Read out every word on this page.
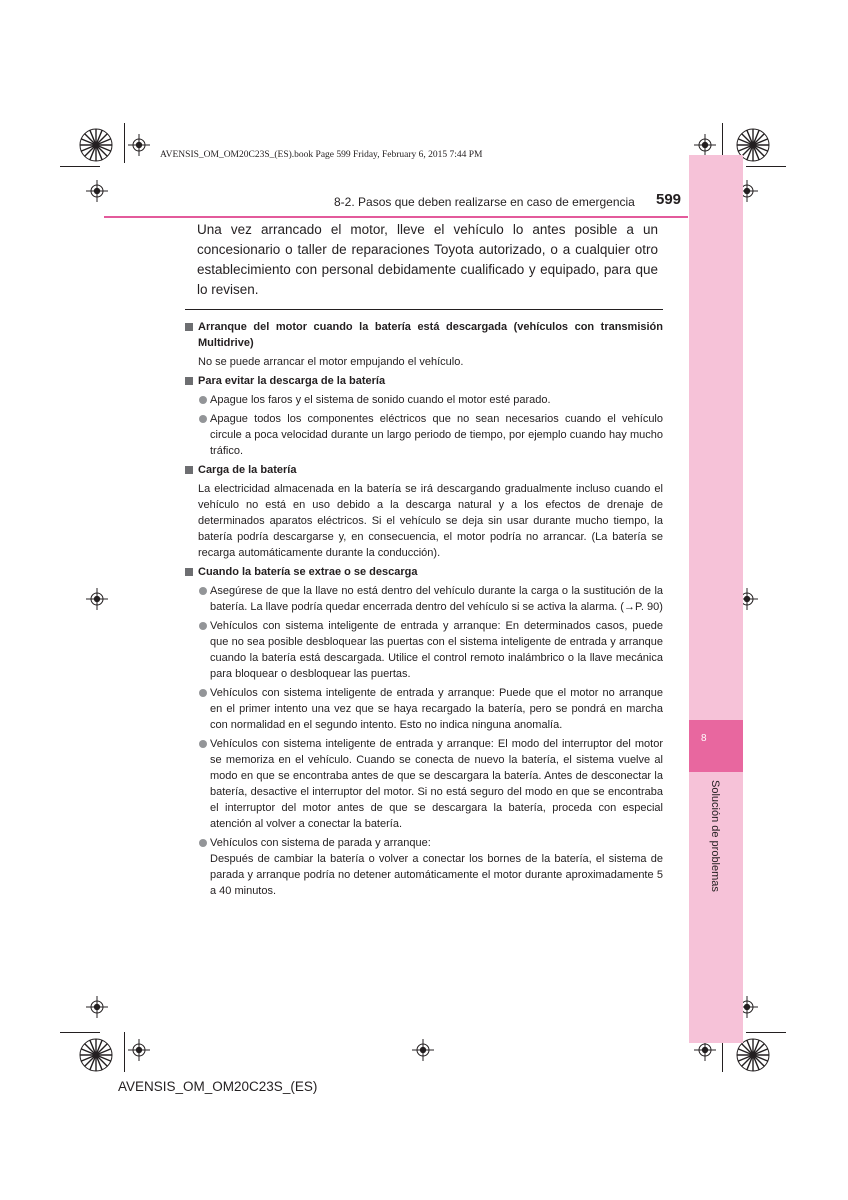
8
Solución de problemas
AVENSIS_OM_OM20C23S_(ES).book Page 599 Friday, February 6, 2015 7:44 PM
8-2. Pasos que deben realizarse en caso de emergencia 599
Una vez arrancado el motor, lleve el vehículo lo antes posible a un concesionario o taller de reparaciones Toyota autorizado, o a cualquier otro establecimiento con personal debidamente cualificado y equipado, para que lo revisen.
Arranque del motor cuando la batería está descargada (vehículos con transmisión Multidrive)
No se puede arrancar el motor empujando el vehículo.
Para evitar la descarga de la batería
Apague los faros y el sistema de sonido cuando el motor esté parado.
Apague todos los componentes eléctricos que no sean necesarios cuando el vehículo circule a poca velocidad durante un largo periodo de tiempo, por ejemplo cuando hay mucho tráfico.
Carga de la batería
La electricidad almacenada en la batería se irá descargando gradualmente incluso cuando el vehículo no está en uso debido a la descarga natural y a los efectos de drenaje de determinados aparatos eléctricos. Si el vehículo se deja sin usar durante mucho tiempo, la batería podría descargarse y, en consecuencia, el motor podría no arrancar. (La batería se recarga automáticamente durante la conducción).
Cuando la batería se extrae o se descarga
Asegúrese de que la llave no está dentro del vehículo durante la carga o la sustitución de la batería. La llave podría quedar encerrada dentro del vehículo si se activa la alarma. (→P. 90)
Vehículos con sistema inteligente de entrada y arranque: En determinados casos, puede que no sea posible desbloquear las puertas con el sistema inteligente de entrada y arranque cuando la batería está descargada. Utilice el control remoto inalámbrico o la llave mecánica para bloquear o desbloquear las puertas.
Vehículos con sistema inteligente de entrada y arranque: Puede que el motor no arranque en el primer intento una vez que se haya recargado la batería, pero se pondrá en marcha con normalidad en el segundo intento. Esto no indica ninguna anomalía.
Vehículos con sistema inteligente de entrada y arranque: El modo del interruptor del motor se memoriza en el vehículo. Cuando se conecta de nuevo la batería, el sistema vuelve al modo en que se encontraba antes de que se descargara la batería. Antes de desconectar la batería, desactive el interruptor del motor. Si no está seguro del modo en que se encontraba el interruptor del motor antes de que se descargara la batería, proceda con especial atención al volver a conectar la batería.
Vehículos con sistema de parada y arranque:
Después de cambiar la batería o volver a conectar los bornes de la batería, el sistema de parada y arranque podría no detener automáticamente el motor durante aproximadamente 5 a 40 minutos.
AVENSIS_OM_OM20C23S_(ES)
